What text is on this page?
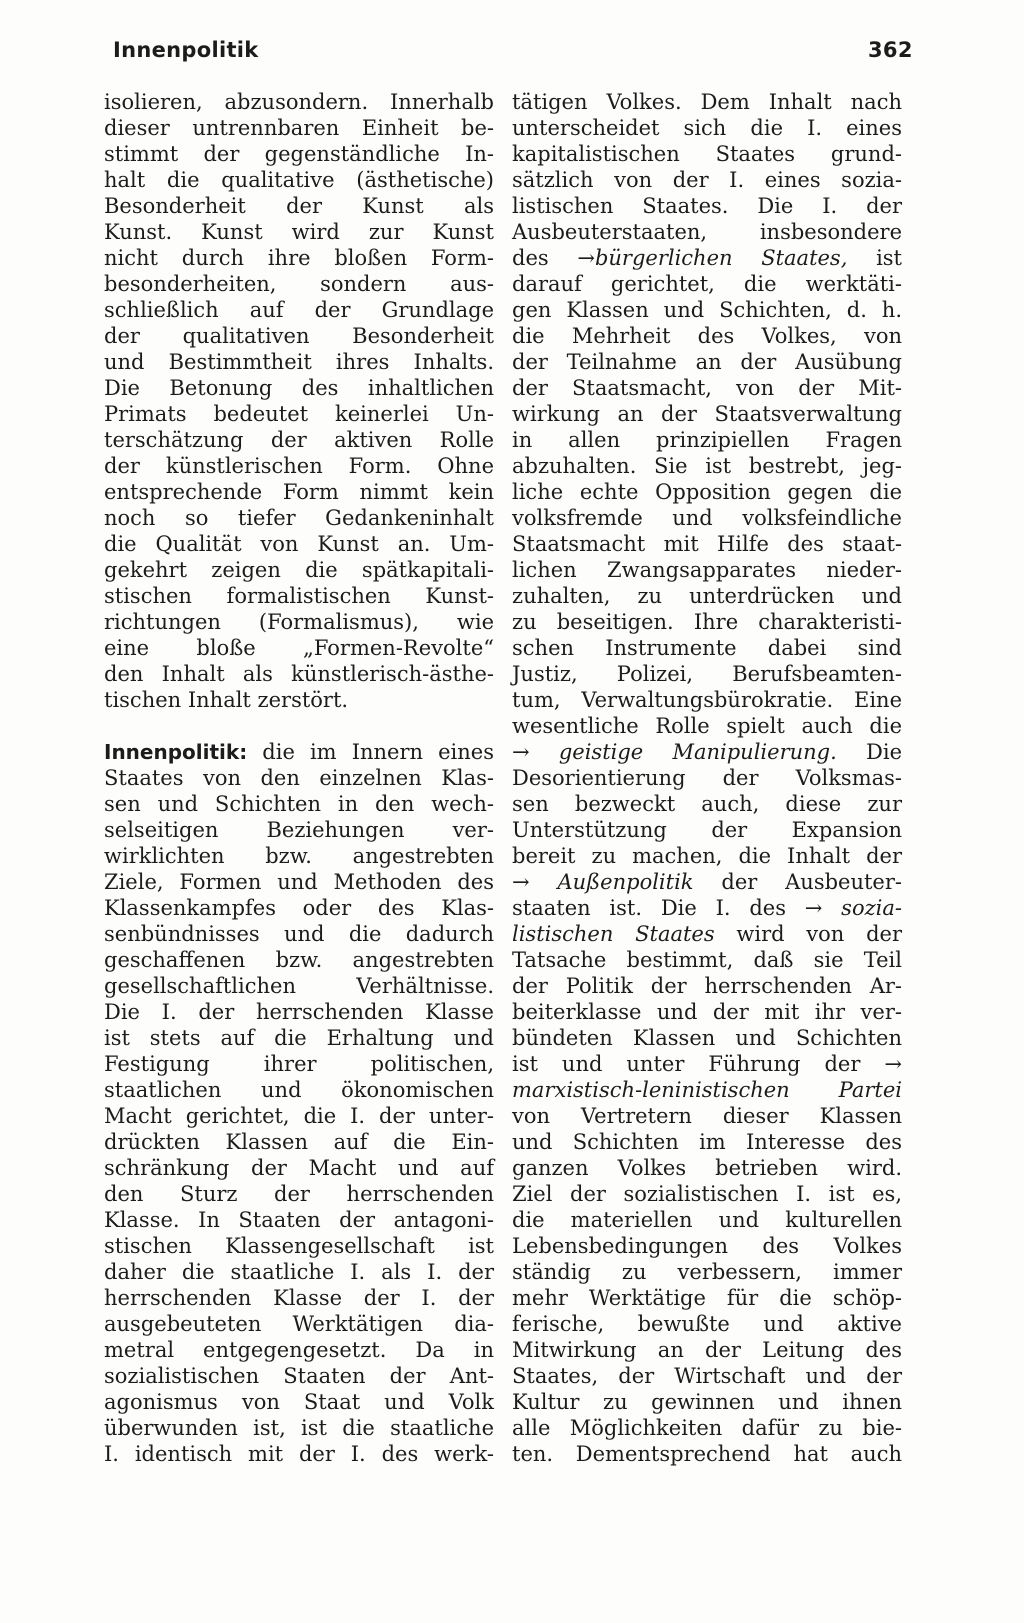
Innenpolitik	362
isolieren, abzusondern. Innerhalb
dieser untrennbaren Einheit be-
stimmt der gegenständliche In-
halt die qualitative (ästhetische)
Besonderheit der Kunst als
Kunst. Kunst wird zur Kunst
nicht durch ihre bloßen Form-
besonderheiten, sondern aus-
schließlich auf der Grundlage
der qualitativen Besonderheit
und Bestimmtheit ihres Inhalts.
Die Betonung des inhaltlichen
Primats bedeutet keinerlei Un-
terschätzung der aktiven Rolle
der künstlerischen Form. Ohne
entsprechende Form nimmt kein
noch so tiefer Gedankeninhalt
die Qualität von Kunst an. Um-
gekehrt zeigen die spätkapitali-
stischen formalistischen Kunst-
richtungen (Formalismus), wie
eine bloße „Formen-Revolte“
den Inhalt als künstlerisch-ästhe-
tischen Inhalt zerstört.
Innenpolitik: die im Innern eines
Staates von den einzelnen Klas-
sen und Schichten in den wech-
selseitigen Beziehungen ver-
wirklichten bzw. angestrebten
Ziele, Formen und Methoden des
Klassenkampfes oder des Klas-
senbündnisses und die dadurch
geschaffenen bzw. angestrebten
gesellschaftlichen Verhältnisse.
Die I. der herrschenden Klasse
ist stets auf die Erhaltung und
Festigung ihrer politischen,
staatlichen und ökonomischen
Macht gerichtet, die I. der unter-
drückten Klassen auf die Ein-
schränkung der Macht und auf
den Sturz der herrschenden
Klasse. In Staaten der antagoni-
stischen Klassengesellschaft ist
daher die staatliche I. als I. der
herrschenden Klasse der I. der
ausgebeuteten Werktätigen dia-
metral entgegengesetzt. Da in
sozialistischen Staaten der Ant-
agonismus von Staat und Volk
überwunden ist, ist die staatliche
I. identisch mit der I. des werk-
tätigen Volkes. Dem Inhalt nach
unterscheidet sich die I. eines
kapitalistischen Staates grund-
sätzlich von der I. eines sozia-
listischen Staates. Die I. der
Ausbeuterstaaten, insbesondere
des →bürgerlichen Staates, ist
darauf gerichtet, die werktäti-
gen Klassen und Schichten, d. h.
die Mehrheit des Volkes, von
der Teilnahme an der Ausübung
der Staatsmacht, von der Mit-
wirkung an der Staatsverwaltung
in allen prinzipiellen Fragen
abzuhalten. Sie ist bestrebt, jeg-
liche echte Opposition gegen die
volksfremde und volksfeindliche
Staatsmacht mit Hilfe des staat-
lichen Zwangsapparates nieder-
zuhalten, zu unterdrücken und
zu beseitigen. Ihre charakteristi-
schen Instrumente dabei sind
Justiz, Polizei, Berufsbeamten-
tum, Verwaltungsbürokratie. Eine
wesentliche Rolle spielt auch die
→ geistige Manipulierung. Die
Desorientierung der Volksmas-
sen bezweckt auch, diese zur
Unterstützung der Expansion
bereit zu machen, die Inhalt der
→ Außenpolitik der Ausbeuter-
staaten ist. Die I. des → sozia-
listischen Staates wird von der
Tatsache bestimmt, daß sie Teil
der Politik der herrschenden Ar-
beiterklasse und der mit ihr ver-
bündeten Klassen und Schichten
ist und unter Führung der →
marxistisch-leninistischen Partei
von Vertretern dieser Klassen
und Schichten im Interesse des
ganzen Volkes betrieben wird.
Ziel der sozialistischen I. ist es,
die materiellen und kulturellen
Lebensbedingungen des Volkes
ständig zu verbessern, immer
mehr Werktätige für die schöp-
ferische, bewußte und aktive
Mitwirkung an der Leitung des
Staates, der Wirtschaft und der
Kultur zu gewinnen und ihnen
alle Möglichkeiten dafür zu bie-
ten. Dementsprechend hat auch
